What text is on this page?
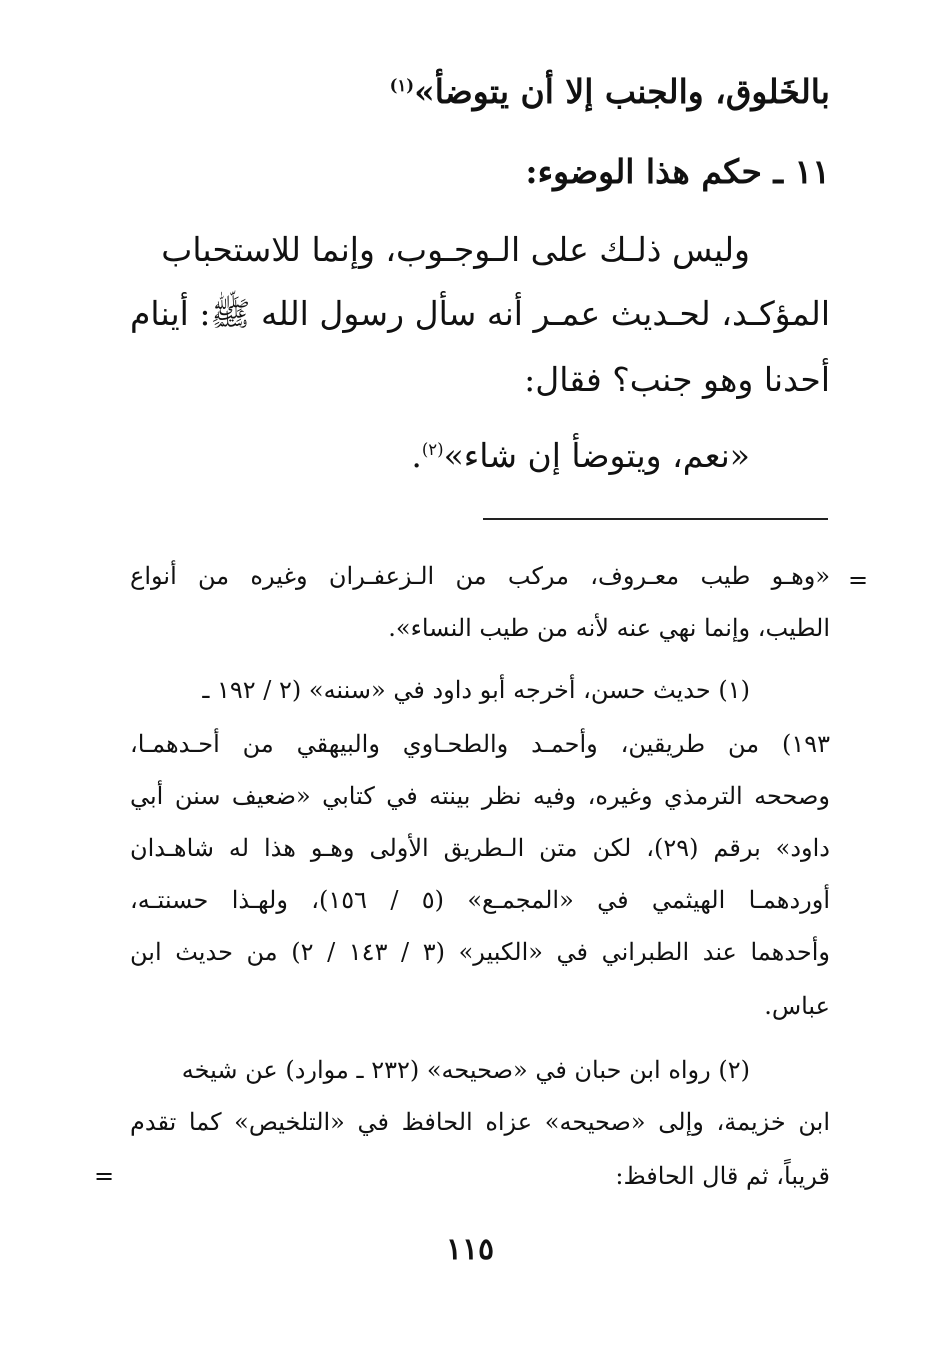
بالخَلوق، والجنب إلا أن يتوضأ»$^{(١)}$
١١ ـ حكم هذا الوضوء:
وليس ذلـك على الـوجـوب، وإنما للاستحباب
المؤكـد، لحـديث عمـر أنه سأل رسول الله ﷺ: أينام
أحدنا وهو جنب؟ فقال:
«نعم، ويتوضأ إن شاء»$^{(٢)}$.
=
«وهـو طيب معـروف، مركب من الـزعفـران وغيره من أنواع
الطيب، وإنما نهي عنه لأنه من طيب النساء».
(١) حديث حسن، أخرجه أبو داود في «سننه» (٢ / ١٩٢ ـ
١٩٣) من طريقين، وأحمـد والطحـاوي والبيهقي من أحـدهمـا،
وصححه الترمذي وغيره، وفيه نظر بينته في كتابي «ضعيف سنن أبي
داود» برقم (٢٩)، لكن متن الـطريق الأولى وهـو هذا له شاهـدان
أوردهمـا الهيثمي في «المجمـع» (٥ / ١٥٦)، ولهـذا حسنتـه،
وأحدهما عند الطبراني في «الكبير» (٣ / ١٤٣ / ٢) من حديث ابن
عباس.
(٢) رواه ابن حبان في «صحيحه» (٢٣٢ ـ موارد) عن شيخه
ابن خزيمة، وإلى «صحيحه» عزاه الحافظ في «التلخيص» كما تقدم
قريباً، ثم قال الحافظ:
=
١١٥
